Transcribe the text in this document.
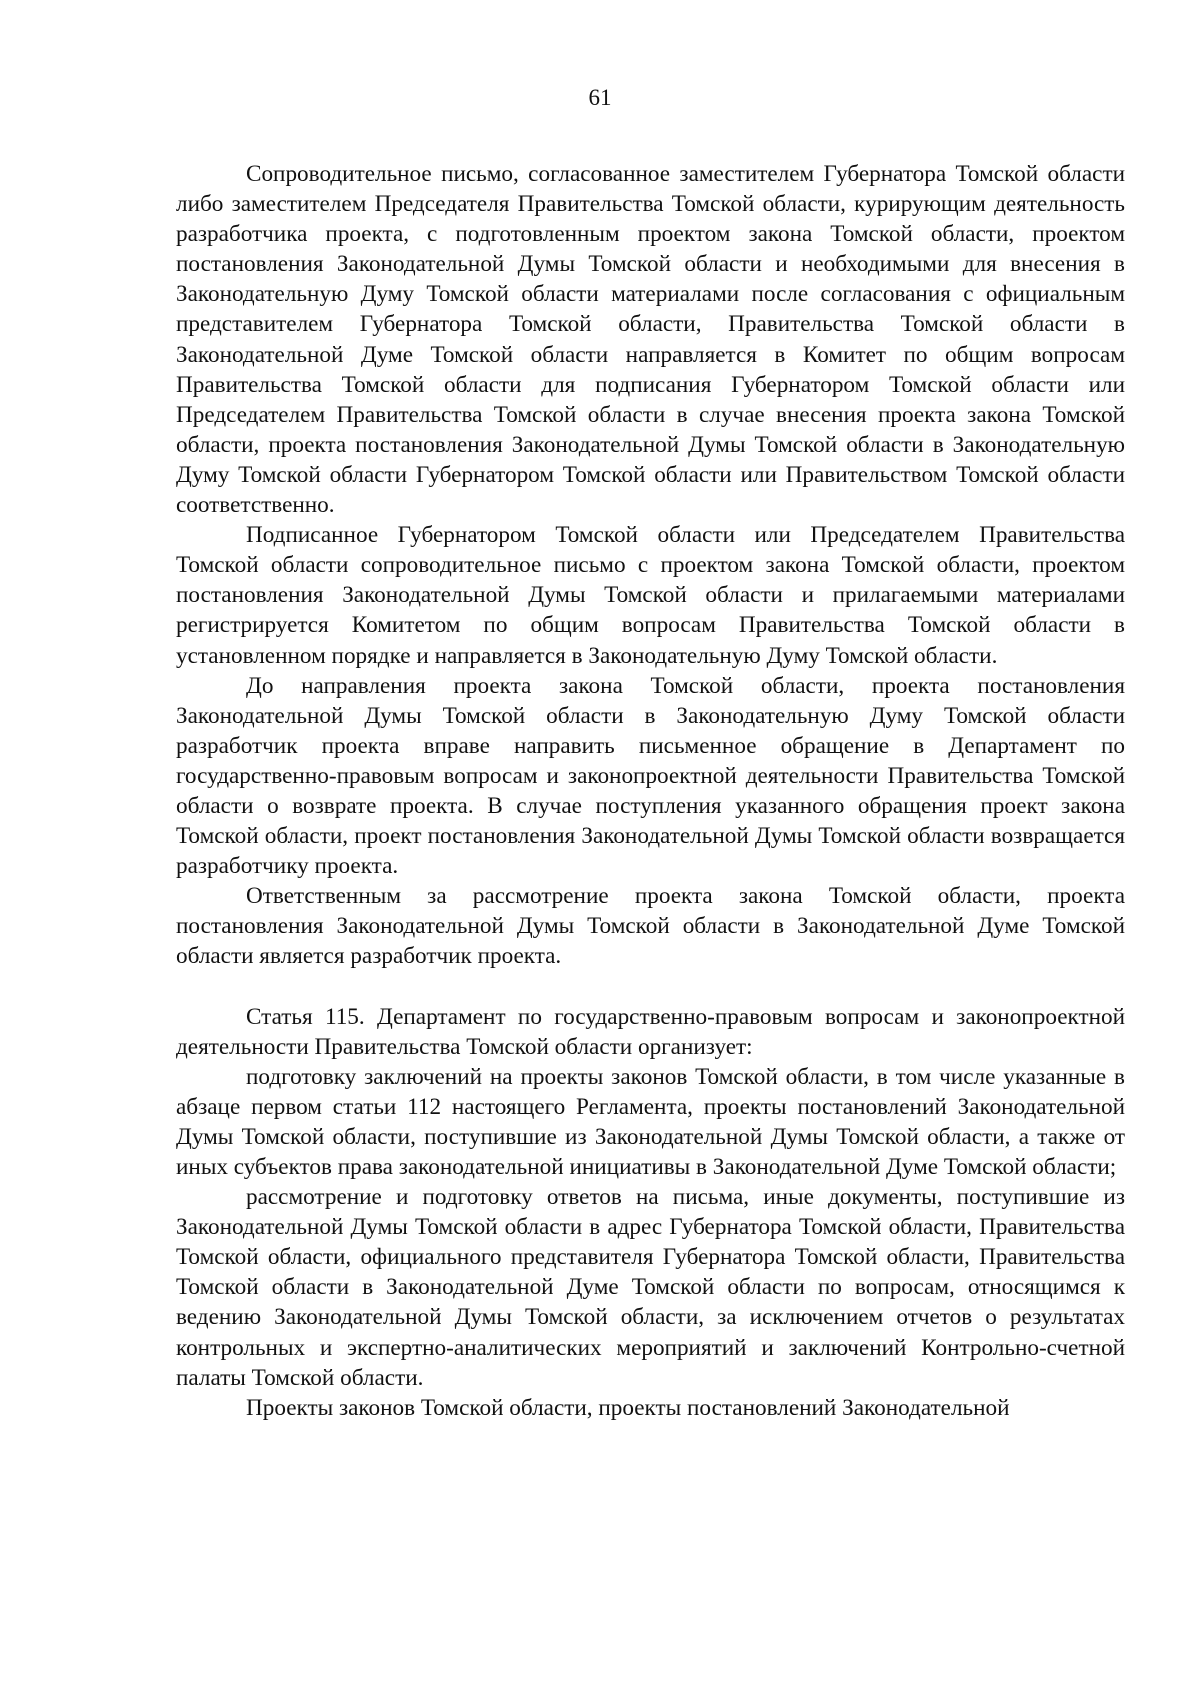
61

Сопроводительное письмо, согласованное заместителем Губернатора Томской области либо заместителем Председателя Правительства Томской области, курирующим деятельность разработчика проекта, с подготовленным проектом закона Томской области, проектом постановления Законодательной Думы Томской области и необходимыми для внесения в Законодательную Думу Томской области материалами после согласования с официальным представителем Губернатора Томской области, Правительства Томской области в Законодательной Думе Томской области направляется в Комитет по общим вопросам Правительства Томской области для подписания Губернатором Томской области или Председателем Правительства Томской области в случае внесения проекта закона Томской области, проекта постановления Законодательной Думы Томской области в Законодательную Думу Томской области Губернатором Томской области или Правительством Томской области соответственно.

Подписанное Губернатором Томской области или Председателем Правительства Томской области сопроводительное письмо с проектом закона Томской области, проектом постановления Законодательной Думы Томской области и прилагаемыми материалами регистрируется Комитетом по общим вопросам Правительства Томской области в установленном порядке и направляется в Законодательную Думу Томской области.

До направления проекта закона Томской области, проекта постановления Законодательной Думы Томской области в Законодательную Думу Томской области разработчик проекта вправе направить письменное обращение в Департамент по государственно-правовым вопросам и законопроектной деятельности Правительства Томской области о возврате проекта. В случае поступления указанного обращения проект закона Томской области, проект постановления Законодательной Думы Томской области возвращается разработчику проекта.

Ответственным за рассмотрение проекта закона Томской области, проекта постановления Законодательной Думы Томской области в Законодательной Думе Томской области является разработчик проекта.

Статья 115. Департамент по государственно-правовым вопросам и законопроектной деятельности Правительства Томской области организует:

подготовку заключений на проекты законов Томской области, в том числе указанные в абзаце первом статьи 112 настоящего Регламента, проекты постановлений Законодательной Думы Томской области, поступившие из Законодательной Думы Томской области, а также от иных субъектов права законодательной инициативы в Законодательной Думе Томской области;

рассмотрение и подготовку ответов на письма, иные документы, поступившие из Законодательной Думы Томской области в адрес Губернатора Томской области, Правительства Томской области, официального представителя Губернатора Томской области, Правительства Томской области в Законодательной Думе Томской области по вопросам, относящимся к ведению Законодательной Думы Томской области, за исключением отчетов о результатах контрольных и экспертно-аналитических мероприятий и заключений Контрольно-счетной палаты Томской области.

Проекты законов Томской области, проекты постановлений Законодательной
